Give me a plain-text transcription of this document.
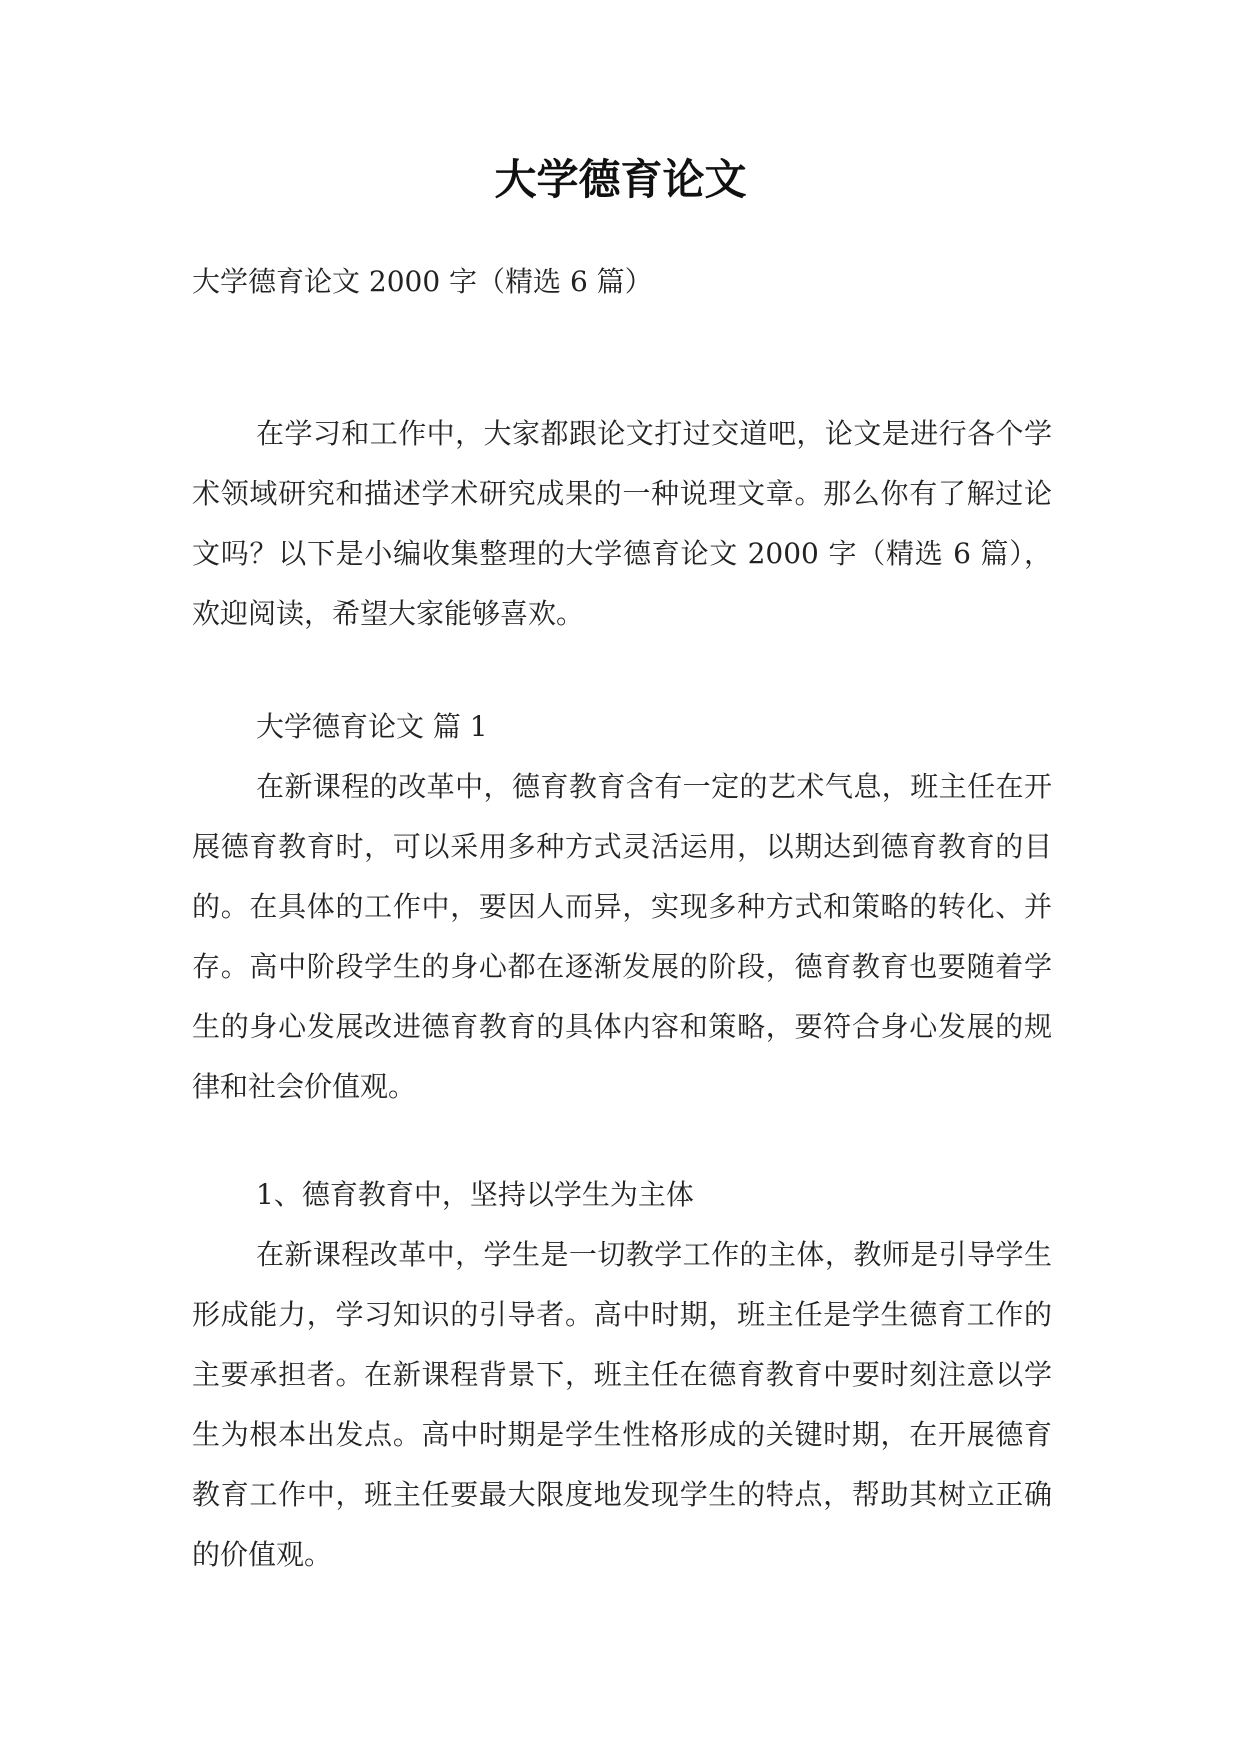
大学德育论文

大学德育论文 2000 字（精选 6 篇）

在学习和工作中，大家都跟论文打过交道吧，论文是进行各个学术领域研究和描述学术研究成果的一种说理文章。那么你有了解过论文吗？以下是小编收集整理的大学德育论文 2000 字（精选 6 篇），欢迎阅读，希望大家能够喜欢。

大学德育论文 篇 1

在新课程的改革中，德育教育含有一定的艺术气息，班主任在开展德育教育时，可以采用多种方式灵活运用，以期达到德育教育的目的。在具体的工作中，要因人而异，实现多种方式和策略的转化、并存。高中阶段学生的身心都在逐渐发展的阶段，德育教育也要随着学生的身心发展改进德育教育的具体内容和策略，要符合身心发展的规律和社会价值观。

1、德育教育中，坚持以学生为主体

在新课程改革中，学生是一切教学工作的主体，教师是引导学生形成能力，学习知识的引导者。高中时期，班主任是学生德育工作的主要承担者。在新课程背景下，班主任在德育教育中要时刻注意以学生为根本出发点。高中时期是学生性格形成的关键时期，在开展德育教育工作中，班主任要最大限度地发现学生的特点，帮助其树立正确的价值观。
